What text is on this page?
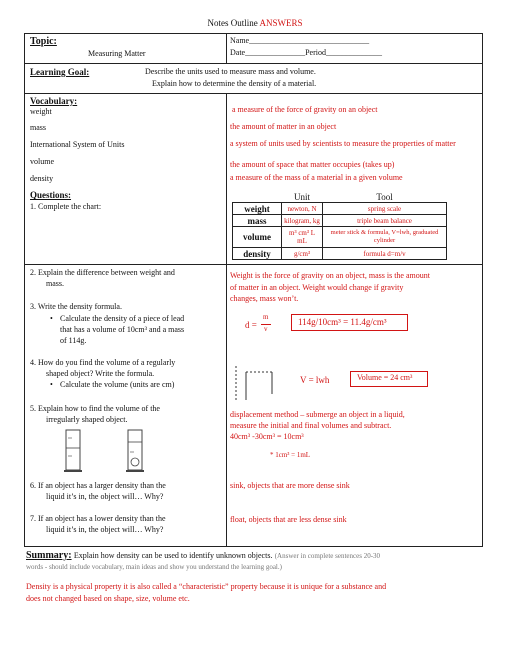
Notes Outline ANSWERS
Topic:
Measuring Matter
Name______________________________
Date_______________Period______________
Learning Goal:	Describe the units used to measure mass and volume.
Explain how to determine the density of a material.
Vocabulary:
weight	a measure of the force of gravity on an object
mass	the amount of matter in an object
International System of Units	a system of units used by scientists to measure the properties of matter
volume	the amount of space that matter occupies (takes up)
density	a measure of the mass of a material in a given volume
Questions:
1. Complete the chart:
	Unit	Tool
weight	newton, N	spring scale
mass	kilogram, kg	triple beam balance
volume	m³ cm³ L mL	meter stick & formula, V=lwh, graduated cylinder
density	g/cm³	formula d=m/v
2. Explain the difference between weight and
mass.
Weight is the force of gravity on an object, mass is the amount
of matter in an object. Weight would change if gravity
changes, mass won’t.
3. Write the density formula.
• Calculate the density of a piece of lead
that has a volume of 10cm³ and a mass
of 114g.
d =
m
v
114g/10cm³ = 11.4g/cm³
4. How do you find the volume of a regularly
shaped object? Write the formula.
• Calculate the volume (units are cm)	V = lwh	Volume = 24 cm³
5. Explain how to find the volume of the
irregularly shaped object.
displacement method – submerge an object in a liquid,
measure the initial and final volumes and subtract.
40cm³ -30cm³ = 10cm³
* 1cm³ = 1mL
6. If an object has a larger density than the
liquid it’s in, the object will… Why?
sink, objects that are more dense sink
7. If an object has a lower density than the
liquid it’s in, the object will… Why?
float, objects that are less dense sink
Summary: Explain how density can be used to identify unknown objects. (Answer in complete sentences 20-30
words - should include vocabulary, main ideas and show you understand the learning goal.)
Density is a physical property it is also called a “characteristic” property because it is unique for a substance and
does not changed based on shape, size, volume etc.
